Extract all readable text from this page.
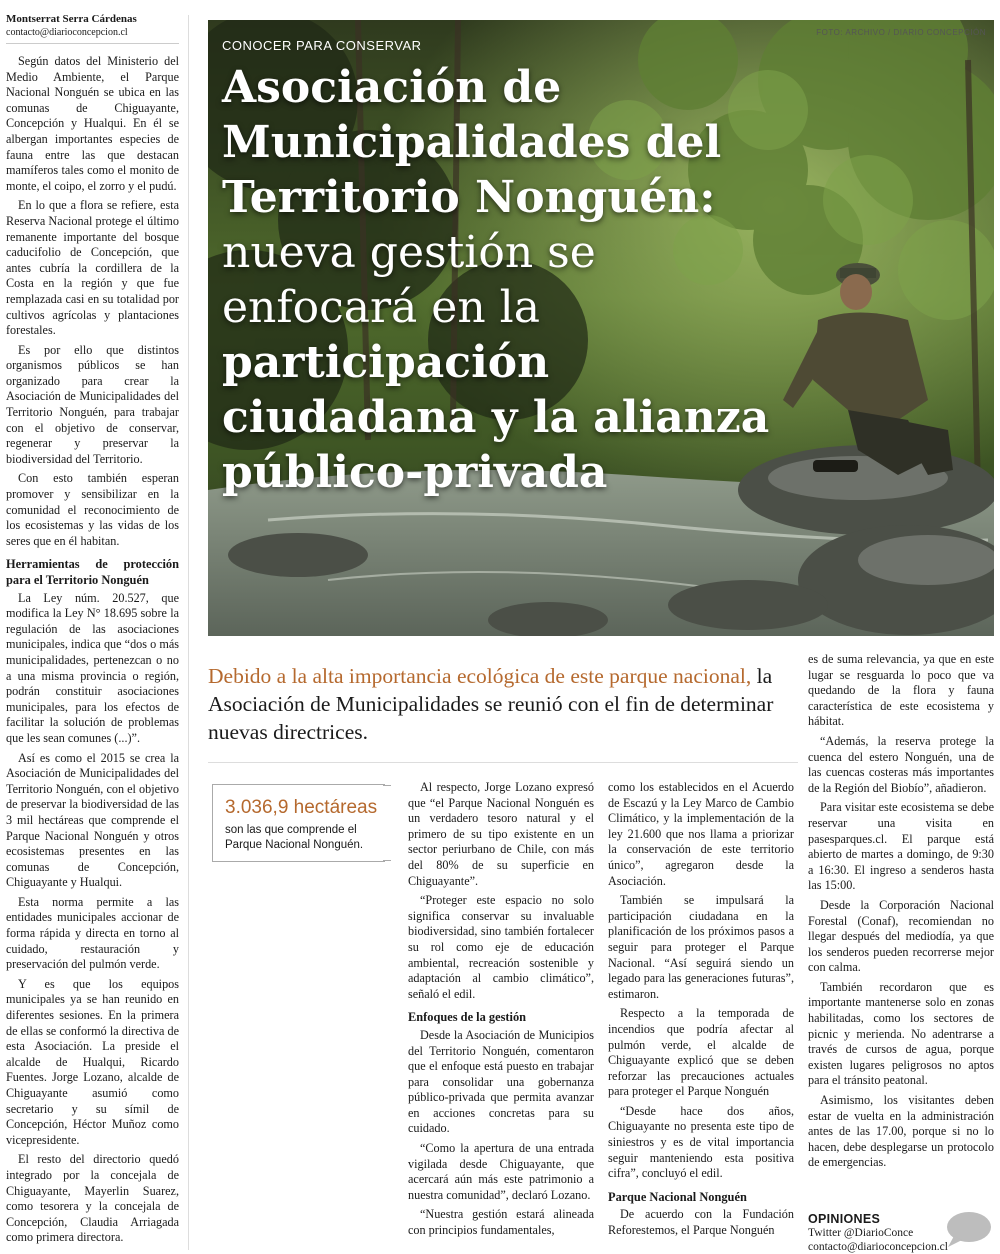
Montserrat Serra Cárdenas
contacto@diarioconcepcion.cl

Según datos del Ministerio del Medio Ambiente, el Parque Nacional Nonguén se ubica en las comunas de Chiguayante, Concepción y Hualqui. En él se albergan importantes especies de fauna entre las que destacan mamíferos tales como el monito de monte, el coipo, el zorro y el pudú.

En lo que a flora se refiere, esta Reserva Nacional protege el último remanente importante del bosque caducifolio de Concepción, que antes cubría la cordillera de la Costa en la región y que fue remplazada casi en su totalidad por cultivos agrícolas y plantaciones forestales.

Es por ello que distintos organismos públicos se han organizado para crear la Asociación de Municipalidades del Territorio Nonguén, para trabajar con el objetivo de conservar, regenerar y preservar la biodiversidad del Territorio.

Con esto también esperan promover y sensibilizar en la comunidad el reconocimiento de los ecosistemas y las vidas de los seres que en él habitan.

Herramientas de protección para el Territorio Nonguén

La Ley núm. 20.527, que modifica la Ley N° 18.695 sobre la regulación de las asociaciones municipales, indica que “dos o más municipalidades, pertenezcan o no a una misma provincia o región, podrán constituir asociaciones municipales, para los efectos de facilitar la solución de problemas que les sean comunes (...)”.

Así es como el 2015 se crea la Asociación de Municipalidades del Territorio Nonguén, con el objetivo de preservar la biodiversidad de las 3 mil hectáreas que comprende el Parque Nacional Nonguén y otros ecosistemas presentes en las comunas de Concepción, Chiguayante y Hualqui.

Esta norma permite a las entidades municipales accionar de forma rápida y directa en torno al cuidado, restauración y preservación del pulmón verde.

Y es que los equipos municipales ya se han reunido en diferentes sesiones. En la primera de ellas se conformó la directiva de esta Asociación. La preside el alcalde de Hualqui, Ricardo Fuentes. Jorge Lozano, alcalde de Chiguayante asumió como secretario y su símil de Concepción, Héctor Muñoz como vicepresidente.

El resto del directorio quedó integrado por la concejala de Chiguayante, Mayerlin Suarez, como tesorera y la concejala de Concepción, Claudia Arriagada como primera directora.

FOTO: ARCHIVO / DIARIO CONCEPCIÓN
CONOCER PARA CONSERVAR
Asociación de
Municipalidades del
Territorio Nonguén:
nueva gestión se
enfocará en la
participación
ciudadana y la alianza
público-privada
Debido a la alta importancia ecológica de este parque nacional, la Asociación de Municipalidades se reunió con el fin de determinar nuevas directrices.
3.036,9 hectáreas
son las que comprende el Parque Nacional Nonguén.

Al respecto, Jorge Lozano expresó que “el Parque Nacional Nonguén es un verdadero tesoro natural y el primero de su tipo existente en un sector periurbano de Chile, con más del 80% de su superficie en Chiguayante”.

“Proteger este espacio no solo significa conservar su invaluable biodiversidad, sino también fortalecer su rol como eje de educación ambiental, recreación sostenible y adaptación al cambio climático”, señaló el edil.

Enfoques de la gestión

Desde la Asociación de Municipios del Territorio Nonguén, comentaron que el enfoque está puesto en trabajar para consolidar una gobernanza público-privada que permita avanzar en acciones concretas para su cuidado.

“Como la apertura de una entrada vigilada desde Chiguayante, que acercará aún más este patrimonio a nuestra comunidad”, declaró Lozano.

“Nuestra gestión estará alineada con principios fundamentales,

como los establecidos en el Acuerdo de Escazú y la Ley Marco de Cambio Climático, y la implementación de la ley 21.600 que nos llama a priorizar la conservación de este territorio único”, agregaron desde la Asociación.

También se impulsará la participación ciudadana en la planificación de los próximos pasos a seguir para proteger el Parque Nacional. “Así seguirá siendo un legado para las generaciones futuras”, estimaron.

Respecto a la temporada de incendios que podría afectar al pulmón verde, el alcalde de Chiguayante explicó que se deben reforzar las precauciones actuales para proteger el Parque Nonguén

“Desde hace dos años, Chiguayante no presenta este tipo de siniestros y es de vital importancia seguir manteniendo esta positiva cifra”, concluyó el edil.

Parque Nacional Nonguén

De acuerdo con la Fundación Reforestemos, el Parque Nonguén

es de suma relevancia, ya que en este lugar se resguarda lo poco que va quedando de la flora y fauna característica de este ecosistema y hábitat.

“Además, la reserva protege la cuenca del estero Nonguén, una de las cuencas costeras más importantes de la Región del Biobío”, añadieron.

Para visitar este ecosistema se debe reservar una visita en pasesparques.cl. El parque está abierto de martes a domingo, de 9:30 a 16:30. El ingreso a senderos hasta las 15:00.

Desde la Corporación Nacional Forestal (Conaf), recomiendan no llegar después del mediodía, ya que los senderos pueden recorrerse mejor con calma.

También recordaron que es importante mantenerse solo en zonas habilitadas, como los sectores de picnic y merienda. No adentrarse a través de cursos de agua, porque existen lugares peligrosos no aptos para el tránsito peatonal.

Asimismo, los visitantes deben estar de vuelta en la administración antes de las 17.00, porque si no lo hacen, debe desplegarse un protocolo de emergencias.

OPINIONES
Twitter @DiarioConce
contacto@diarioconcepcion.cl
